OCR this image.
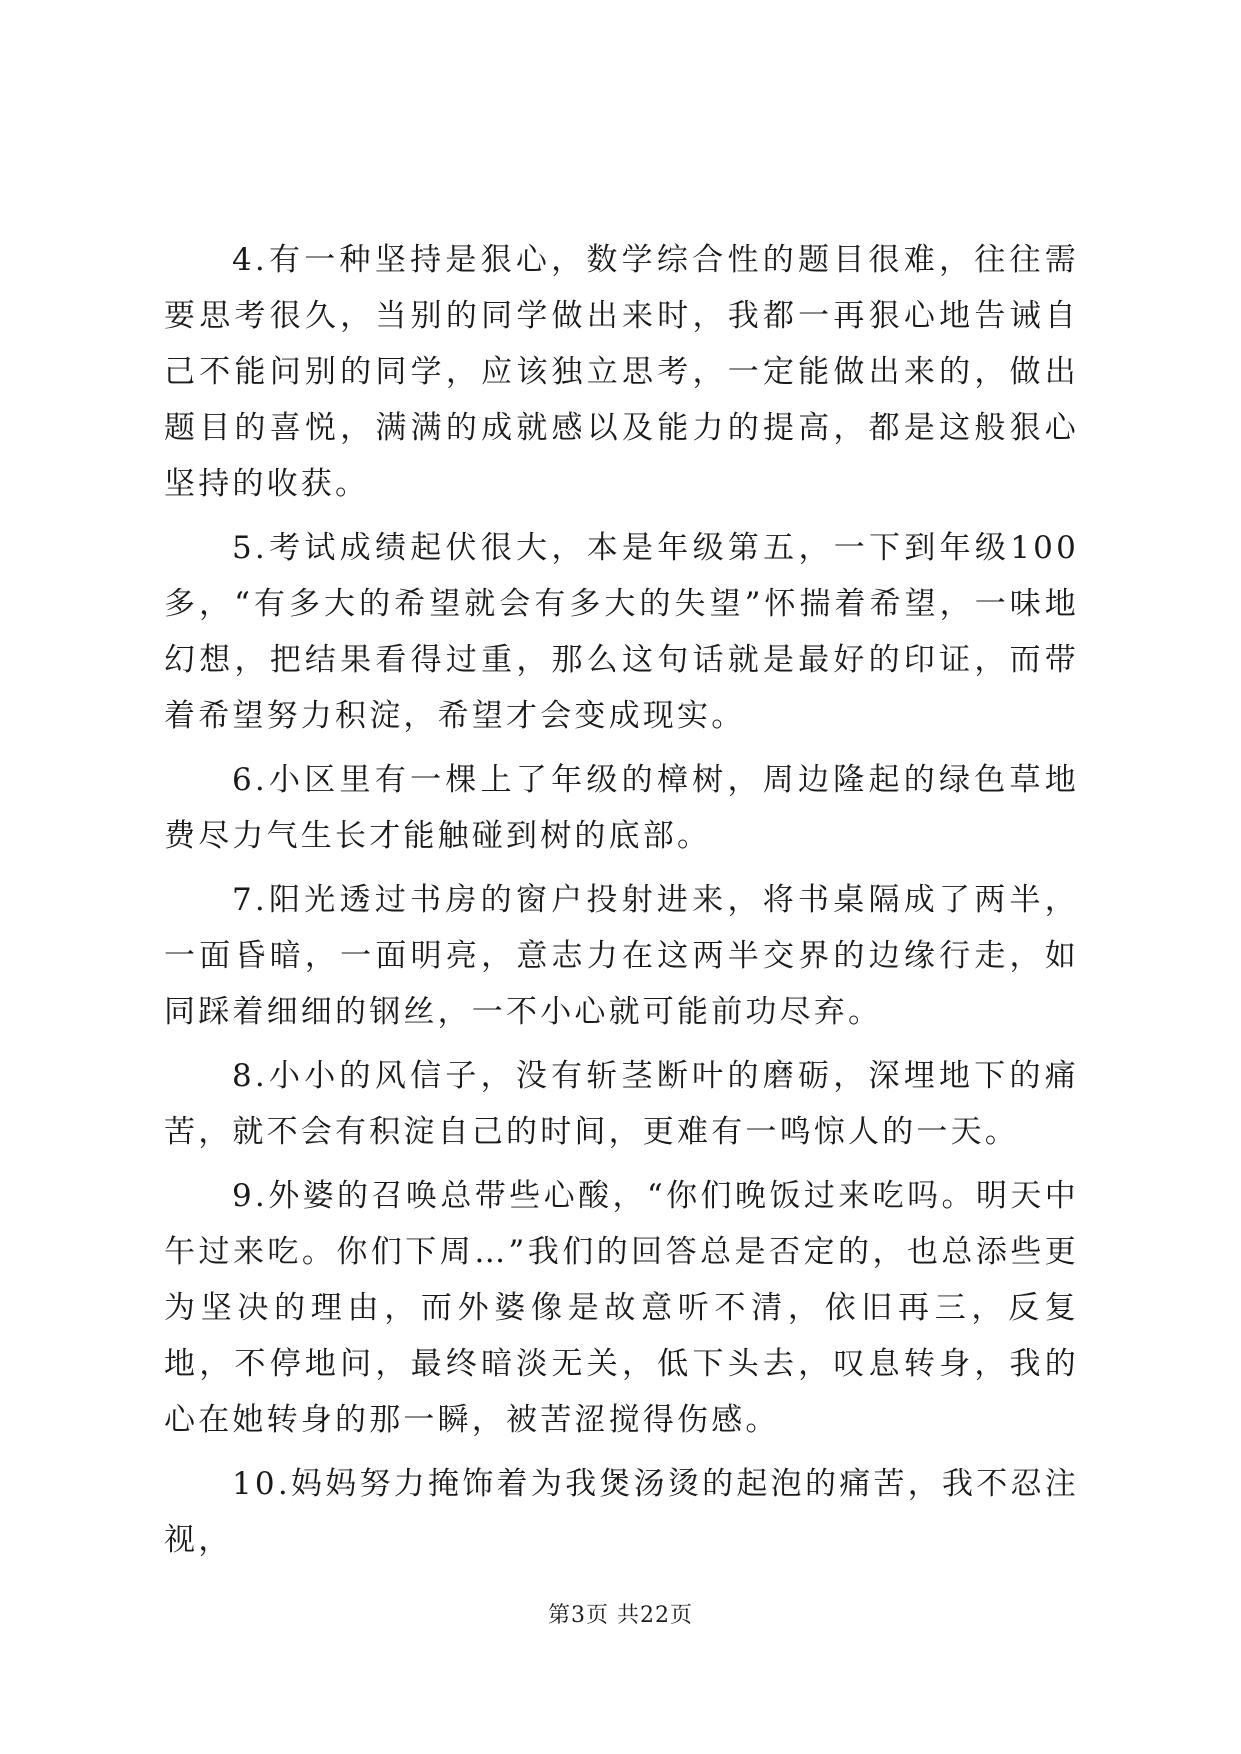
4.有一种坚持是狠心，数学综合性的题目很难，往往需要思考很久，当别的同学做出来时，我都一再狠心地告诫自己不能问别的同学，应该独立思考，一定能做出来的，做出题目的喜悦，满满的成就感以及能力的提高，都是这般狠心坚持的收获。

5.考试成绩起伏很大，本是年级第五，一下到年级100多，“有多大的希望就会有多大的失望”怀揣着希望，一味地幻想，把结果看得过重，那么这句话就是最好的印证，而带着希望努力积淀，希望才会变成现实。

6.小区里有一棵上了年级的樟树，周边隆起的绿色草地费尽力气生长才能触碰到树的底部。

7.阳光透过书房的窗户投射进来，将书桌隔成了两半，一面昏暗，一面明亮，意志力在这两半交界的边缘行走，如同踩着细细的钢丝，一不小心就可能前功尽弃。

8.小小的风信子，没有斩茎断叶的磨砺，深埋地下的痛苦，就不会有积淀自己的时间，更难有一鸣惊人的一天。

9.外婆的召唤总带些心酸，“你们晚饭过来吃吗。明天中午过来吃。你们下周…”我们的回答总是否定的，也总添些更为坚决的理由，而外婆像是故意听不清，依旧再三，反复地，不停地问，最终暗淡无关，低下头去，叹息转身，我的心在她转身的那一瞬，被苦涩搅得伤感。

10.妈妈努力掩饰着为我煲汤烫的起泡的痛苦，我不忍注视，

第3页 共22页
